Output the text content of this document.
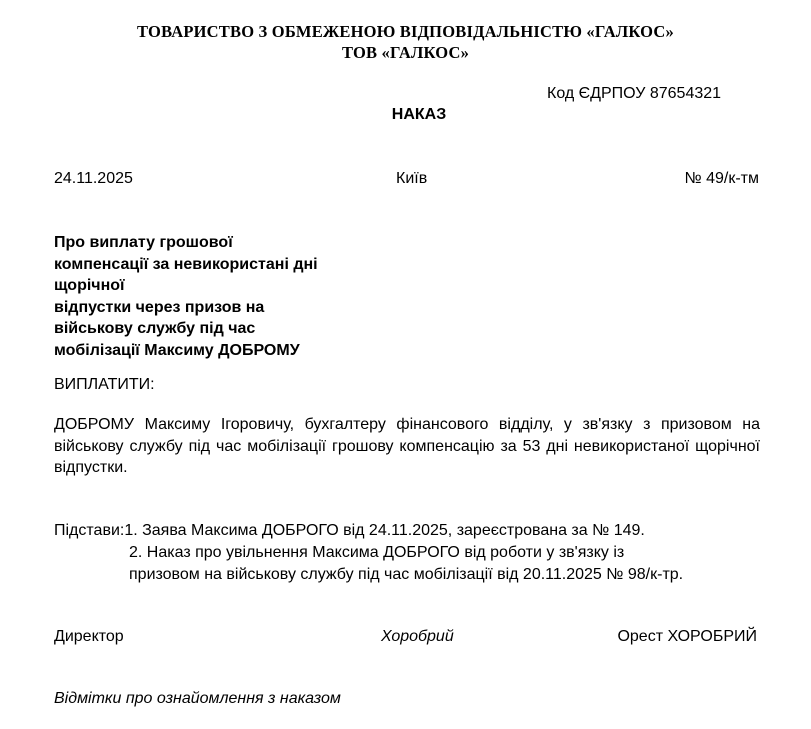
ТОВАРИСТВО З ОБМЕЖЕНОЮ ВІДПОВІДАЛЬНІСТЮ «ГАЛКОС»
ТОВ «ГАЛКОС»
Код ЄДРПОУ 87654321
НАКАЗ
24.11.2025	Київ	№ 49/к-тм
Про виплату грошової
компенсації за невикористані дні
щорічної
відпустки через призов на
військову службу під час
мобілізації Максиму ДОБРОМУ
ВИПЛАТИТИ:
ДОБРОМУ Максиму Ігоровичу, бухгалтеру фінансового відділу, у зв'язку з призовом на військову службу під час мобілізації грошову компенсацію за 53 дні невикористаної щорічної відпустки.
Підстави:1. Заява Максима ДОБРОГО від 24.11.2025, зареєстрована за № 149.
2. Наказ про увільнення Максима ДОБРОГО від роботи у зв'язку із
призовом на військову службу під час мобілізації від 20.11.2025 № 98/к-тр.
Директор	Хоробрий	Орест ХОРОБРИЙ
Відмітки про ознайомлення з наказом
